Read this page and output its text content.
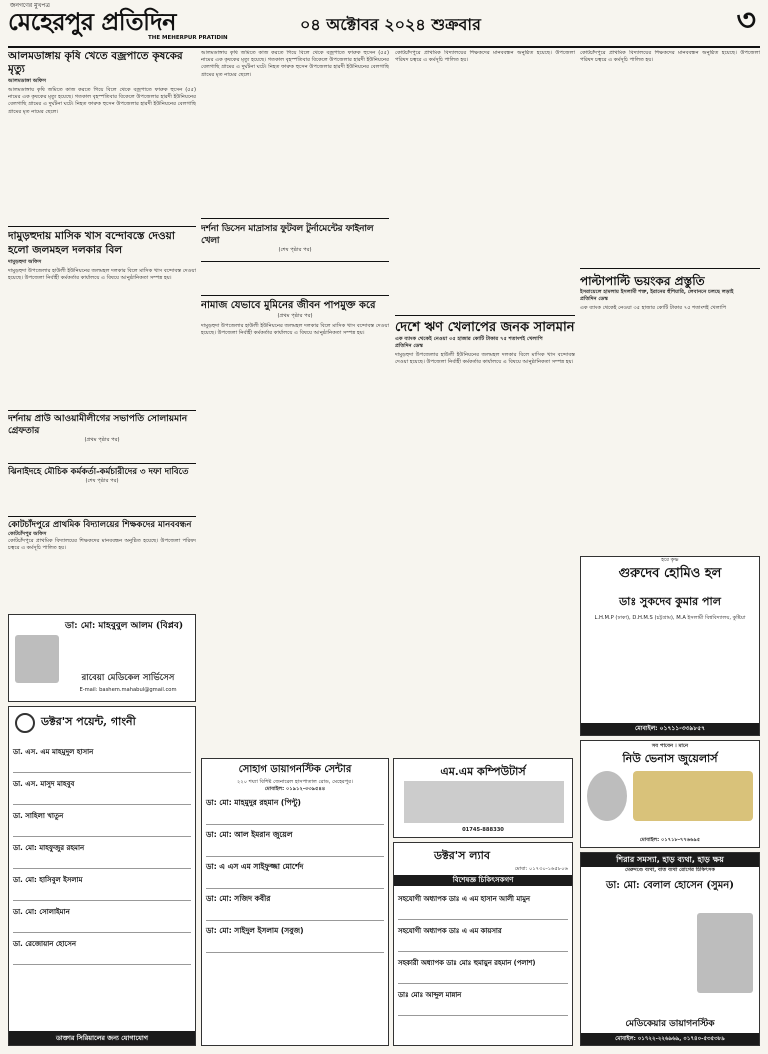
জনগণের মুখপত্র
মেহেরপুর প্রতিদিন
THE MEHERPUR PRATIDIN
০৪ অক্টোবর ২০২৪ শুক্রবার	৩
আলমডাঙ্গায় কৃষি খেতে বজ্রপাতে কৃষকের মৃত্যু
আলমডাঙ্গা অফিস
আলমডাঙ্গায় কৃষি জমিতে কাজ করতে গিয়ে বিলে থেকে বজ্রপাতে ফারুক হুসেন (৫৫) নামের এক কৃষকের মৃত্যু হয়েছে। গতকাল বৃহস্পতিবার বিকেলে উপজেলার হারদী ইউনিয়নের বেলগাছি গ্রামের এ দুর্ঘটনা ঘটে। নিহত ফারুক হুসেন উপজেলার হারদী ইউনিয়নের বেলগাছি গ্রামের মৃত নামের ছেলে।
দামুড়হুদায় মাসিক খাস বন্দোবস্তে দেওয়া হলো জলমহল দলকার বিল
দামুড়হুদা অফিস
দামুড়হুদা উপজেলার হাউলী ইউনিয়নের জলমহল দলকার বিলে মাসিক খাস বন্দোবস্ত দেওয়া হয়েছে। উপজেলা নির্বাহী কর্মকর্তার কার্যালয়ে এ বিষয়ে আনুষ্ঠানিকতা সম্পন্ন হয়।
দর্শনায় প্রাউ আওয়ামীলীগের সভাপতি সোলায়মান গ্রেফতার
(প্রথম পৃষ্ঠার পর)
ঝিনাইদহে মৌচিক কর্মকর্তা-কর্মচারীদের ৩ দফা দাবিতে
(শেষ পৃষ্ঠার পর)
কোটচাঁদপুরে প্রাথমিক বিদ্যালয়ের শিক্ষকদের মানববন্ধন
কোটচাঁদপুর অফিস
কোটচাঁদপুরে প্রাথমিক বিদ্যালয়ের শিক্ষকদের মানববন্ধন অনুষ্ঠিত হয়েছে। উপজেলা পরিষদ চত্বরে এ কর্মসূচি পালিত হয়।
আলমডাঙ্গায় কৃষি জমিতে কাজ করতে গিয়ে বিলে থেকে বজ্রপাতে ফারুক হুসেন (৫৫) নামের এক কৃষকের মৃত্যু হয়েছে। গতকাল বৃহস্পতিবার বিকেলে উপজেলার হারদী ইউনিয়নের বেলগাছি গ্রামের এ দুর্ঘটনা ঘটে। নিহত ফারুক হুসেন উপজেলার হারদী ইউনিয়নের বেলগাছি গ্রামের মৃত নামের ছেলে।
দর্শনা ডিসেন মাদ্রাসার ফুটবল টুর্নামেন্টের ফাইনাল খেলা
(শেষ পৃষ্ঠার পর)
নামাজ যেভাবে মুমিনের জীবন পাপমুক্ত করে
(প্রথম পৃষ্ঠার পর)
দামুড়হুদা উপজেলার হাউলী ইউনিয়নের জলমহল দলকার বিলে মাসিক খাস বন্দোবস্ত দেওয়া হয়েছে। উপজেলা নির্বাহী কর্মকর্তার কার্যালয়ে এ বিষয়ে আনুষ্ঠানিকতা সম্পন্ন হয়।
কোটচাঁদপুরে প্রাথমিক বিদ্যালয়ের শিক্ষকদের মানববন্ধন অনুষ্ঠিত হয়েছে। উপজেলা পরিষদ চত্বরে এ কর্মসূচি পালিত হয়।
দেশে ঋণ খেলাপের জনক সালমান
এক ব্যাংক থেকেই নেওয়া ৩৫ হাজার কোটি টাকার ৭৫ শতাংশই খেলাপি
প্রতিদিন ডেস্ক
দামুড়হুদা উপজেলার হাউলী ইউনিয়নের জলমহল দলকার বিলে মাসিক খাস বন্দোবস্ত দেওয়া হয়েছে। উপজেলা নির্বাহী কর্মকর্তার কার্যালয়ে এ বিষয়ে আনুষ্ঠানিকতা সম্পন্ন হয়।
কোটচাঁদপুরে প্রাথমিক বিদ্যালয়ের শিক্ষকদের মানববন্ধন অনুষ্ঠিত হয়েছে। উপজেলা পরিষদ চত্বরে এ কর্মসূচি পালিত হয়।
পাল্টাপাল্টি ভয়ংকর প্রস্তুতি
ইসরায়েলে হামলায় ইসলামী শক্ত, ইরানের হুঁশিয়ারি, লেবাননে চলছে লড়াই
প্রতিদিন ডেস্ক
এক ব্যাংক থেকেই নেওয়া ৩৫ হাজার কোটি টাকার ৭৫ শতাংশই খেলাপি
ডা: মো: মাহবুবুল আলম (বিপ্লব)
রাবেয়া মেডিকেল সার্ভিসেস
E-mail: bashem.mahabul@gmail.com
ডক্টর'স পয়েন্ট, গাংনী
ডা. এস. এম মাহমুদুল হাসান
ডা. এস. মাসুদ মাহবুব
ডা. সাহিলা খাতুন
ডা. মো: মাহফুজুর রহমান
ডা. মো: হাসিবুল ইসলাম
ডা. মো: সোলাইমান
ডা. রেজোয়ান হোসেন
ডাক্তার সিরিয়ালের জন্য যোগাযোগ
সোহাগ ডায়াগনস্টিক সেন্টার
২২০ শয্যা বিশিষ্ট জেনারেল হাসপাতাল রোড, মেহেরপুর।
মোবাইল: ০১৯১২-৩৩৯৫৪৪
ডা: মো: মাহমুদুর রহমান (পিন্টু)
ডা: মো: আল ইমরান জুয়েল
ডা: এ এস এম সাইফুজ্জা মোর্শেদ
ডা: মো: সজিদ কবীর
ডা: মো: সাইদুল ইসলাম (সবুজ)
এম.এম কম্পিউটার্স
01745-888330
ডক্টর'স ল্যাব
মোবা: ০১৭৩০-১৬৫৮০৬
বিশেষজ্ঞ চিকিৎসকগণ
সহযোগী অধ্যাপক ডাঃ এ এম হাসান আলী মামুন
সহযোগী অধ্যাপক ডাঃ এ এম কায়সার
সহকারী অধ্যাপক ডাঃ মোঃ হুমায়ুন রহমান (পলাশ)
ডাঃ মোঃ আব্দুল মান্নান
হরে কৃষ্ণ
গুরুদেব হোমিও হল
ডাঃ সুকদেব কুমার পাল
L.H.M.P (ঢাকা), D.H.M.S (চট্টগ্রাম), M.A ইসলামী বিশ্ববিদ্যালয়, কুষ্টিয়া
মোবাইল: ০১৭১১-৩৩৯৮৫৭
সব পাবেন । মানে
নিউ ভেনাস জুয়েলার্স
মোবাইল: ০১৭১৮-৭৭৬৬৯৫
শিরার সমস্যা, হাড় ব্যথা, হাড় ক্ষয়
মেরুদণ্ডে ব্যথা, বাত ব্যথা রোগের চিকিৎসক
ডা: মো: বেলাল হোসেন (সুমন)
মেডিকেয়ার ডায়াগনস্টিক
মোবাইল: ০১৭২২-২২৬৯৬৯, ০১৭৪০-৫৩৫৩৮৯
